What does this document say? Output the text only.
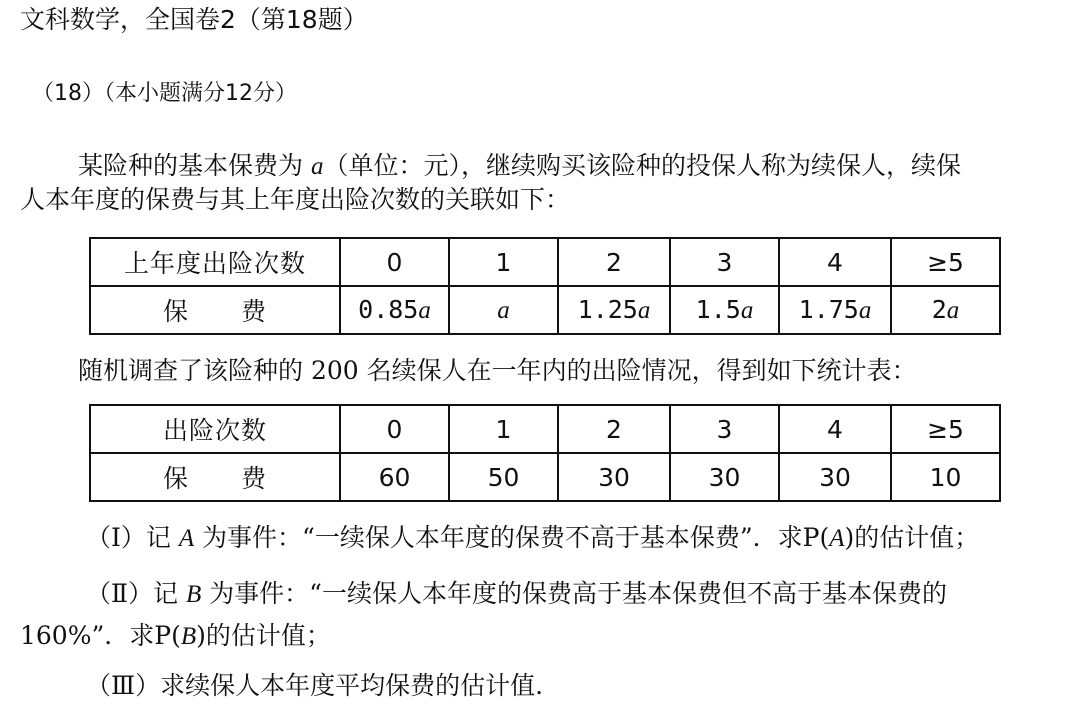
文科数学，全国卷2（第18题）
（18）（本小题满分12分）
某险种的基本保费为 a（单位：元），继续购买该险种的投保人称为续保人，续保
人本年度的保费与其上年度出险次数的关联如下：
上年度出险次数	0	1	2	3	4	≥5
保　　费	0.85a	a	1.25a	1.5a	1.75a	2a
随机调查了该险种的 200 名续保人在一年内的出险情况，得到如下统计表：
出险次数	0	1	2	3	4	≥5
保　　费	60	50	30	30	30	10
（Ⅰ）记 A 为事件：“一续保人本年度的保费不高于基本保费”．求P(A)的估计值；
（Ⅱ）记 B 为事件：“一续保人本年度的保费高于基本保费但不高于基本保费的
160%”．求P(B)的估计值；
（Ⅲ）求续保人本年度平均保费的估计值.
